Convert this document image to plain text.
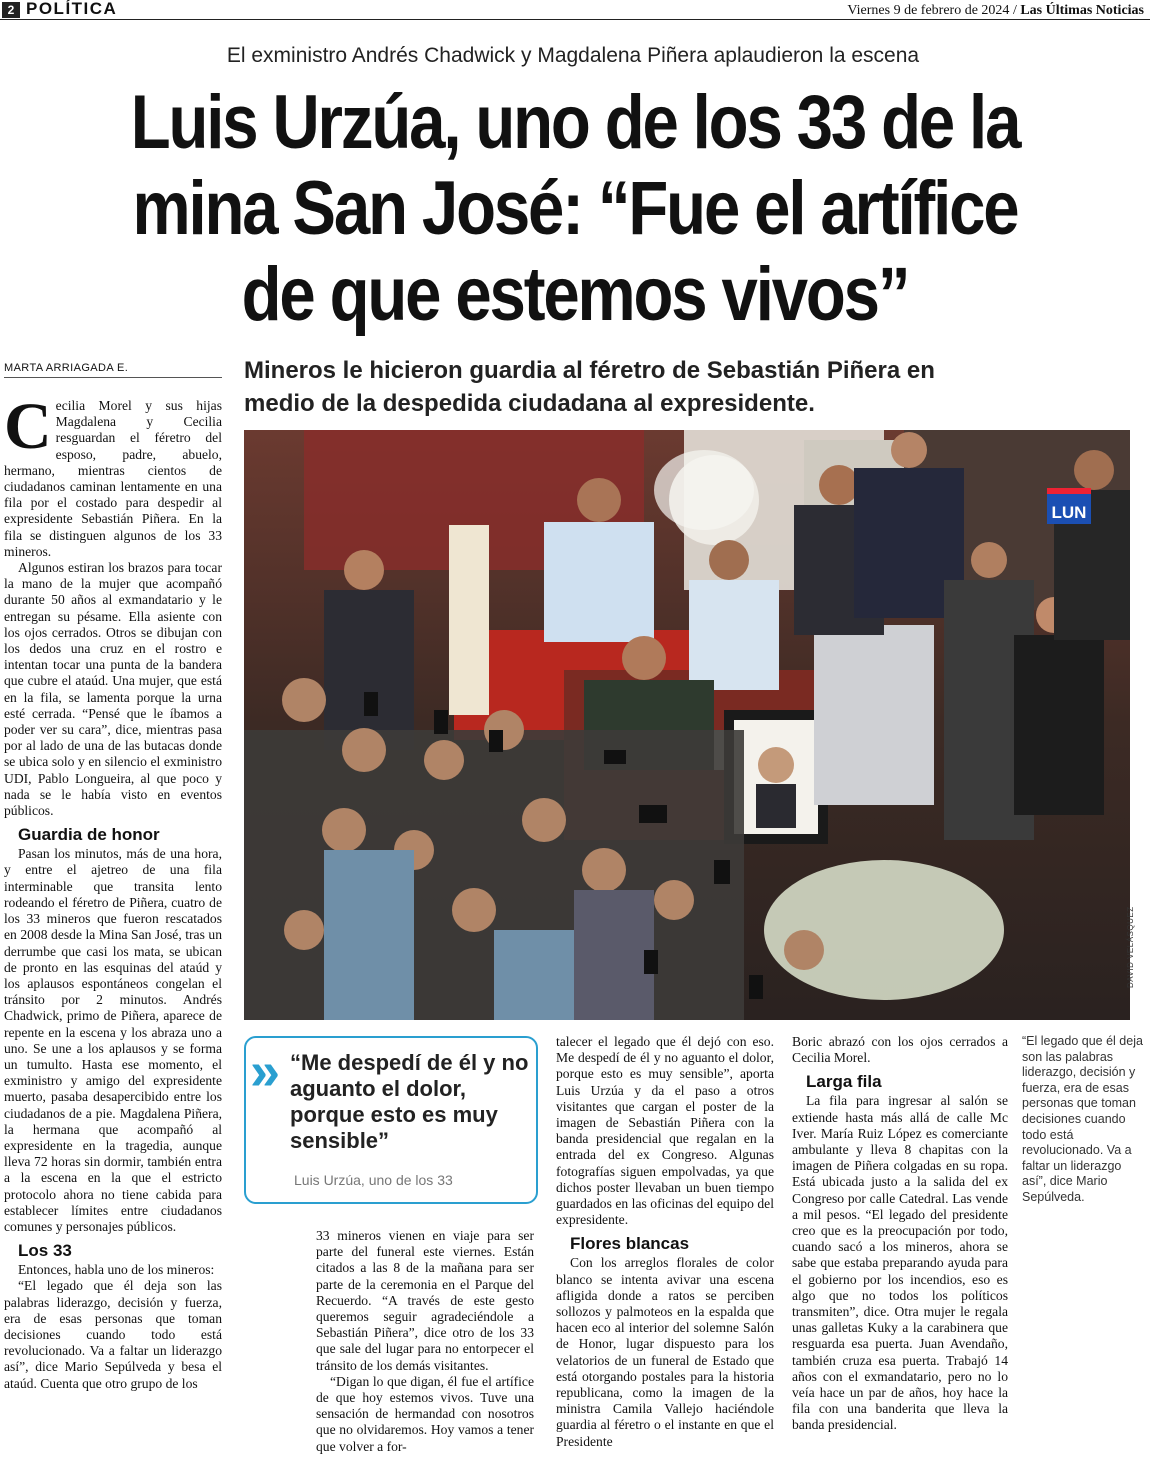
2 POLÍTICA	Viernes 9 de febrero de 2024 / Las Últimas Noticias
El exministro Andrés Chadwick y Magdalena Piñera aplaudieron la escena
Luis Urzúa, uno de los 33 de la mina San José: “Fue el artífice de que estemos vivos”
MARTA ARRIAGADA E.	Mineros le hicieron guardia al féretro de Sebastián Piñera en medio de la despedida ciudadana al expresidente.
LUN
DAVID VELÁSQUEZ

Cecilia Morel y sus hijas Magdalena y Cecilia resguardan el féretro del esposo, padre, abuelo, hermano, mientras cientos de ciudadanos caminan lentamente en una fila por el costado para despedir al expresidente Sebastián Piñera. En la fila se distinguen algunos de los 33 mineros.

Algunos estiran los brazos para tocar la mano de la mujer que acompañó durante 50 años al exmandatario y le entregan su pésame. Ella asiente con los ojos cerrados. Otros se dibujan con los dedos una cruz en el rostro e intentan tocar una punta de la bandera que cubre el ataúd. Una mujer, que está en la fila, se lamenta porque la urna esté cerrada. “Pensé que le íbamos a poder ver su cara”, dice, mientras pasa por al lado de una de las butacas donde se ubica solo y en silencio el exministro UDI, Pablo Longueira, al que poco y nada se le había visto en eventos públicos.

Guardia de honor

Pasan los minutos, más de una hora, y entre el ajetreo de una fila interminable que transita lento rodeando el féretro de Piñera, cuatro de los 33 mineros que fueron rescatados en 2008 desde la Mina San José, tras un derrumbe que casi los mata, se ubican de pronto en las esquinas del ataúd y los aplausos espontáneos congelan el tránsito por 2 minutos. Andrés Chadwick, primo de Piñera, aparece de repente en la escena y los abraza uno a uno. Se une a los aplausos y se forma un tumulto. Hasta ese momento, el exministro y amigo del expresidente muerto, pasaba desapercibido entre los ciudadanos de a pie. Magdalena Piñera, la hermana que acompañó al expresidente en la tragedia, aunque lleva 72 horas sin dormir, también entra a la escena en la que el estricto protocolo ahora no tiene cabida para establecer límites entre ciudadanos comunes y personajes públicos.

Los 33

Entonces, habla uno de los mineros:

“El legado que él deja son las palabras liderazgo, decisión y fuerza, era de esas personas que toman decisiones cuando todo está revolucionado. Va a faltar un liderazgo así”, dice Mario Sepúlveda y besa el ataúd. Cuenta que otro grupo de los

» “Me despedí de él y no aguanto el dolor, porque esto es muy sensible”
Luis Urzúa, uno de los 33

33 mineros vienen en viaje para ser parte del funeral este viernes. Están citados a las 8 de la mañana para ser parte de la ceremonia en el Parque del Recuerdo. “A través de este gesto queremos seguir agradeciéndole a Sebastián Piñera”, dice otro de los 33 que sale del lugar para no entorpecer el tránsito de los demás visitantes.

“Digan lo que digan, él fue el artífice de que hoy estemos vivos. Tuve una sensación de hermandad con nosotros que no olvidaremos. Hoy vamos a tener que volver a for-

talecer el legado que él dejó con eso. Me despedí de él y no aguanto el dolor, porque esto es muy sensible”, aporta Luis Urzúa y da el paso a otros visitantes que cargan el poster de la imagen de Sebastián Piñera con la banda presidencial que regalan en la entrada del ex Congreso. Algunas fotografías siguen empolvadas, ya que dichos poster llevaban un buen tiempo guardados en las oficinas del equipo del expresidente.

Flores blancas

Con los arreglos florales de color blanco se intenta avivar una escena afligida donde a ratos se perciben sollozos y palmoteos en la espalda que hacen eco al interior del solemne Salón de Honor, lugar dispuesto para los velatorios de un funeral de Estado que está otorgando postales para la historia republicana, como la imagen de la ministra Camila Vallejo haciéndole guardia al féretro o el instante en que el Presidente

Boric abrazó con los ojos cerrados a Cecilia Morel.

Larga fila

La fila para ingresar al salón se extiende hasta más allá de calle Mc Iver. María Ruiz López es comerciante ambulante y lleva 8 chapitas con la imagen de Piñera colgadas en su ropa. Está ubicada justo a la salida del ex Congreso por calle Catedral. Las vende a mil pesos. “El legado del presidente creo que es la preocupación por todo, cuando sacó a los mineros, ahora se sabe que estaba preparando ayuda para el gobierno por los incendios, eso es algo que no todos los políticos transmiten”, dice. Otra mujer le regala unas galletas Kuky a la carabinera que resguarda esa puerta. Juan Avendaño, también cruza esa puerta. Trabajó 14 años con el exmandatario, pero no lo veía hace un par de años, hoy hace la fila con una banderita que lleva la banda presidencial.

“El legado que él deja son las palabras liderazgo, decisión y fuerza, era de esas personas que toman decisiones cuando todo está revolucionado. Va a faltar un liderazgo así”, dice Mario Sepúlveda.
